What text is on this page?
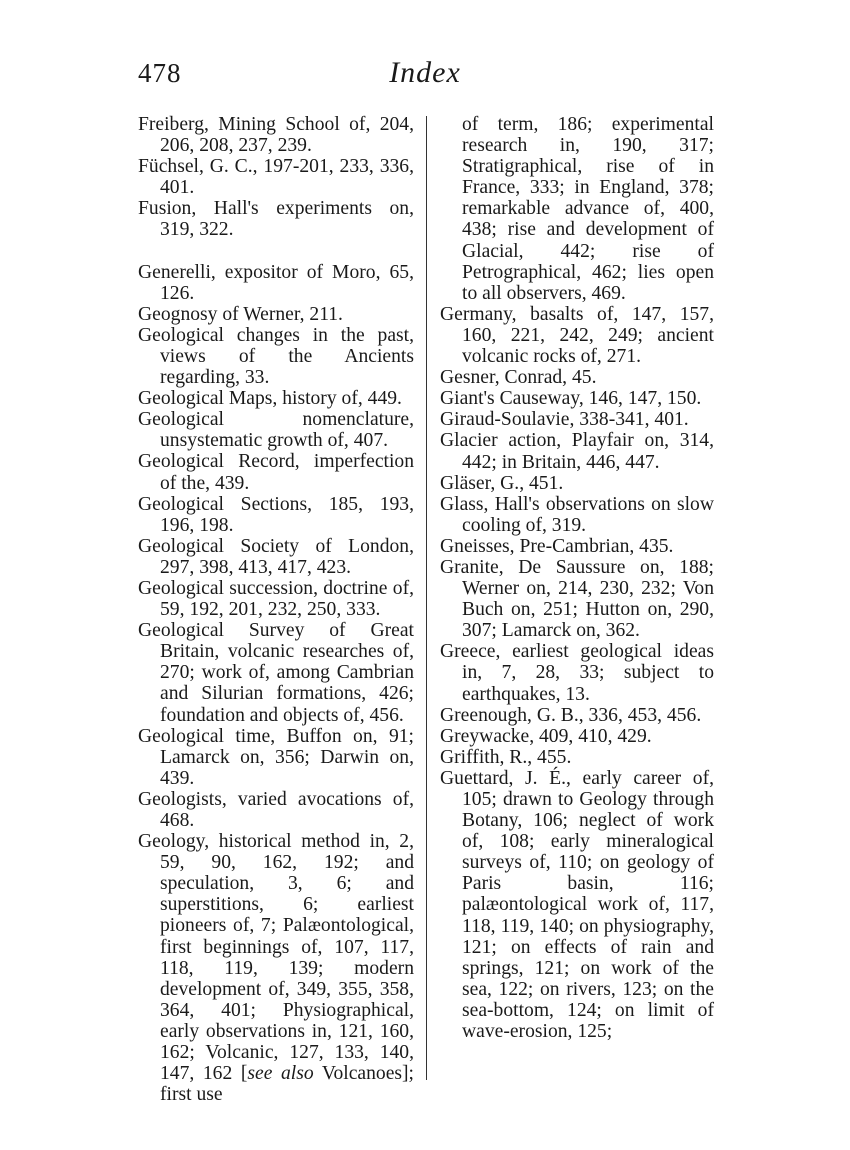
478	Index

Freiberg, Mining School of, 204, 206, 208, 237, 239.

Füchsel, G. C., 197-201, 233, 336, 401.

Fusion, Hall's experiments on, 319, 322.

Generelli, expositor of Moro, 65, 126.

Geognosy of Werner, 211.

Geological changes in the past, views of the Ancients regarding, 33.

Geological Maps, history of, 449.

Geological nomenclature, unsystematic growth of, 407.

Geological Record, imperfection of the, 439.

Geological Sections, 185, 193, 196, 198.

Geological Society of London, 297, 398, 413, 417, 423.

Geological succession, doctrine of, 59, 192, 201, 232, 250, 333.

Geological Survey of Great Britain, volcanic researches of, 270; work of, among Cambrian and Silurian formations, 426; foundation and objects of, 456.

Geological time, Buffon on, 91; Lamarck on, 356; Darwin on, 439.

Geologists, varied avocations of, 468.

Geology, historical method in, 2, 59, 90, 162, 192; and speculation, 3, 6; and superstitions, 6; earliest pioneers of, 7; Palæontological, first beginnings of, 107, 117, 118, 119, 139; modern development of, 349, 355, 358, 364, 401; Physiographical, early observations in, 121, 160, 162; Volcanic, 127, 133, 140, 147, 162 [see also Volcanoes]; first use

of term, 186; experimental research in, 190, 317; Stratigraphical, rise of in France, 333; in England, 378; remarkable advance of, 400, 438; rise and development of Glacial, 442; rise of Petrographical, 462; lies open to all observers, 469.

Germany, basalts of, 147, 157, 160, 221, 242, 249; ancient volcanic rocks of, 271.

Gesner, Conrad, 45.

Giant's Causeway, 146, 147, 150.

Giraud-Soulavie, 338-341, 401.

Glacier action, Playfair on, 314, 442; in Britain, 446, 447.

Gläser, G., 451.

Glass, Hall's observations on slow cooling of, 319.

Gneisses, Pre-Cambrian, 435.

Granite, De Saussure on, 188; Werner on, 214, 230, 232; Von Buch on, 251; Hutton on, 290, 307; Lamarck on, 362.

Greece, earliest geological ideas in, 7, 28, 33; subject to earthquakes, 13.

Greenough, G. B., 336, 453, 456.

Greywacke, 409, 410, 429.

Griffith, R., 455.

Guettard, J. É., early career of, 105; drawn to Geology through Botany, 106; neglect of work of, 108; early mineralogical surveys of, 110; on geology of Paris basin, 116; palæontological work of, 117, 118, 119, 140; on physiography, 121; on effects of rain and springs, 121; on work of the sea, 122; on rivers, 123; on the sea-bottom, 124; on limit of wave-erosion, 125;
